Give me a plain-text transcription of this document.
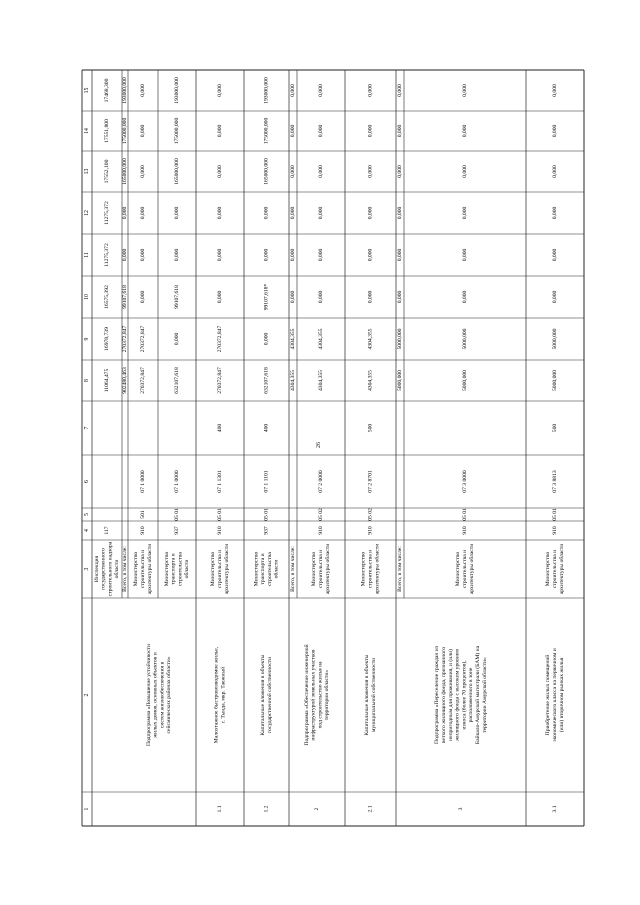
26
1
2
3
4
5
6
7
8
9
10
11
12
13
14
15
Инспекция государственного строительного надзора области
117
11064,475
16978,739
16575,392
11275,372
11275,372
17552,100
17551,800
17468,300
Подпрограмма «Повышение устойчивости жилых домов, основных объектов и систем жизнеобеспечения в сейсмических районах области»
Всего, в том числе:
902480,463
270372,847
99107,618
0,000
0,000
165000,000
175000,000
193000,000
Министерство строительства и архитектуры области
910
501
07 1 0000
270372,847
270372,847
0,000
0,000
0,000
0,000
0,000
0,000
Министерство транспорта и строительства области
937
05 01
07 1 0000
632107,618
0,000
99107,618
0,000
0,000
165000,000
175000,000
193000,000
1.1
Малоэтажное быстровозводимое жилье, г. Тында, мкр. Таежный
Министерство строительства и архитектуры области
910
05 01
07 1 1301
400
270372,847
270372,847
0,000
0,000
0,000
0,000
0,000
0,000
1.2
Капитальные вложения в объекты государственной собственности
Министерство транспорта и строительства области
937
05 01
07 1 1101
400
632107,618
0,000
99107,618*
0,000
0,000
165000,000
175000,000
193000,000
2
Подпрограмма «Обеспечение инженерной инфраструктурой земельных участков под строительство жилья на территории области»
Всего, в том числе:
4304,355
4304,355
0,000
0,000
0,000
0,000
0,000
0,000
Министерство строительства и архитектуры области
910
05 02
07 2 0000
4304,355
4304,355
0,000
0,000
0,000
0,000
0,000
0,000
2.1
Капитальные вложения в объекты муниципальной собственности
Министерство строительства и архитектуры области
910
05 02
07 2 8701
500
4304,355
4304,355
0,000
0,000
0,000
0,000
0,000
0,000
3
Подпрограмма «Переселение граждан из ветхого жилищного фонда, признанного непригодным для проживания, и (или) жилищного фонда с высоким уровнем износа (более 70 процентов), расположенного в зоне Байкало-Амурской магистрали (БАМ) на территории Амурской области»
Всего, в том числе:
5000,000
5000,000
0,000
0,000
0,000
0,000
0,000
0,000
Министерство строительства и архитектуры области
910
05 01
07 3 0000
5000,000
5000,000
0,000
0,000
0,000
0,000
0,000
0,000
3.1
Приобретение жилых помещений экономического класса на первичном и (или) вторичном рынках жилья
Министерство строительства и архитектуры области
910
05 01
07 3 8813
500
5000,000
5000,000
0,000
0,000
0,000
0,000
0,000
0,000
